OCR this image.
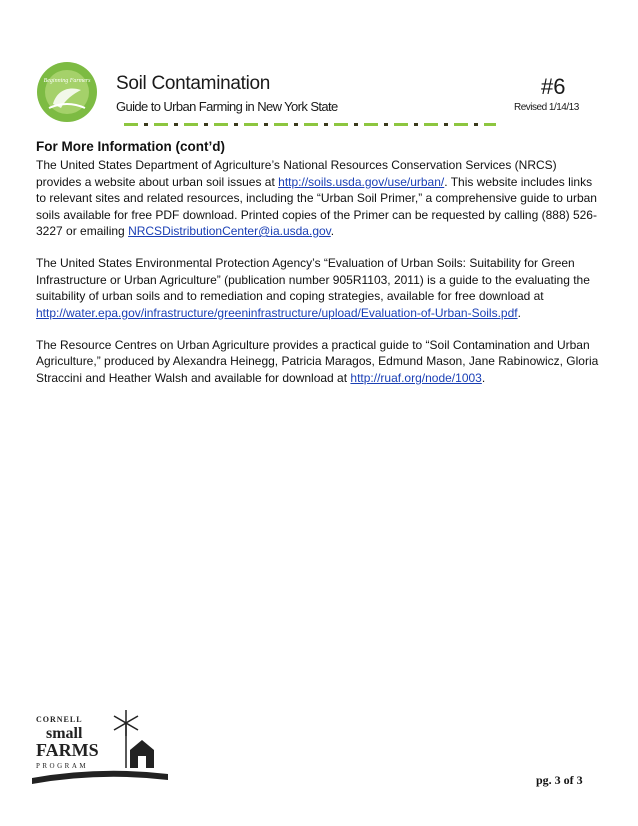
Beginning Farmers Soil Contamination
Guide to Urban Farming in New York State
#6
Revised 1/14/13
For More Information (cont’d)

The United States Department of Agriculture’s National Resources Conservation Services (NRCS) provides a website about urban soil issues at http://soils.usda.gov/use/urban/. This website includes links to relevant sites and related resources, including the “Urban Soil Primer,” a comprehensive guide to urban soils available for free PDF download. Printed copies of the Primer can be requested by calling (888) 526-3227 or emailing NRCSDistributionCenter@ia.usda.gov.

The United States Environmental Protection Agency’s “Evaluation of Urban Soils: Suitability for Green Infrastructure or Urban Agriculture” (publication number 905R1103, 2011) is a guide to the evaluating the suitability of urban soils and to remediation and coping strategies, available for free download at http://water.epa.gov/infrastructure/greeninfrastructure/upload/Evaluation-of-Urban-Soils.pdf.

The Resource Centres on Urban Agriculture provides a practical guide to “Soil Contamination and Urban Agriculture,” produced by Alexandra Heinegg, Patricia Maragos, Edmund Mason, Jane Rabinowicz, Gloria Straccini and Heather Walsh and available for download at http://ruaf.org/node/1003.

CORNELL
small
FARMS
PROGRAM
pg. 3 of 3
